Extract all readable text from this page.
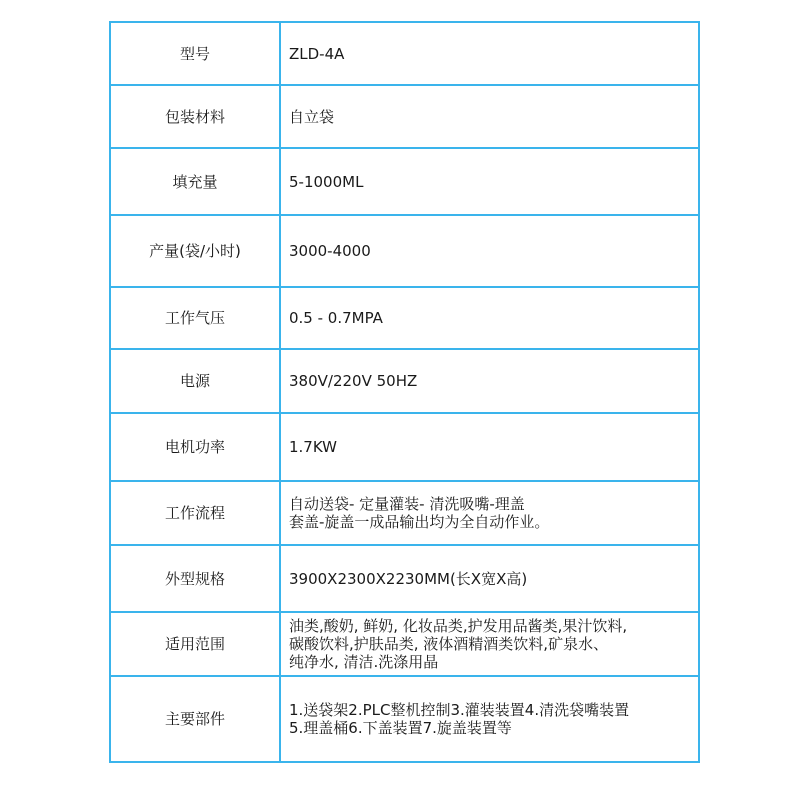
型号	ZLD-4A
包装材料	自立袋
填充量	5-1000ML
产量(袋/小时)	3000-4000
工作气压	0.5 - 0.7MPA
电源	380V/220V 50HZ
电机功率	1.7KW
工作流程	自动送袋- 定量灌装- 清洗吸嘴-理盖
套盖-旋盖一成品输出均为全自动作业。

外型规格	3900X2300X2230MM(长X宽X高)
适用范围	油类,酸奶, 鲜奶, 化妆品类,护发用品酱类,果汁饮料,
碳酸饮料,护肤品类, 液体酒精酒类饮料,矿泉水、
纯净水, 清洁.洗涤用晶

主要部件	1.送袋架2.PLC整机控制3.灌装装置4.清洗袋嘴装置
5.理盖桶6.下盖装置7.旋盖装置等
